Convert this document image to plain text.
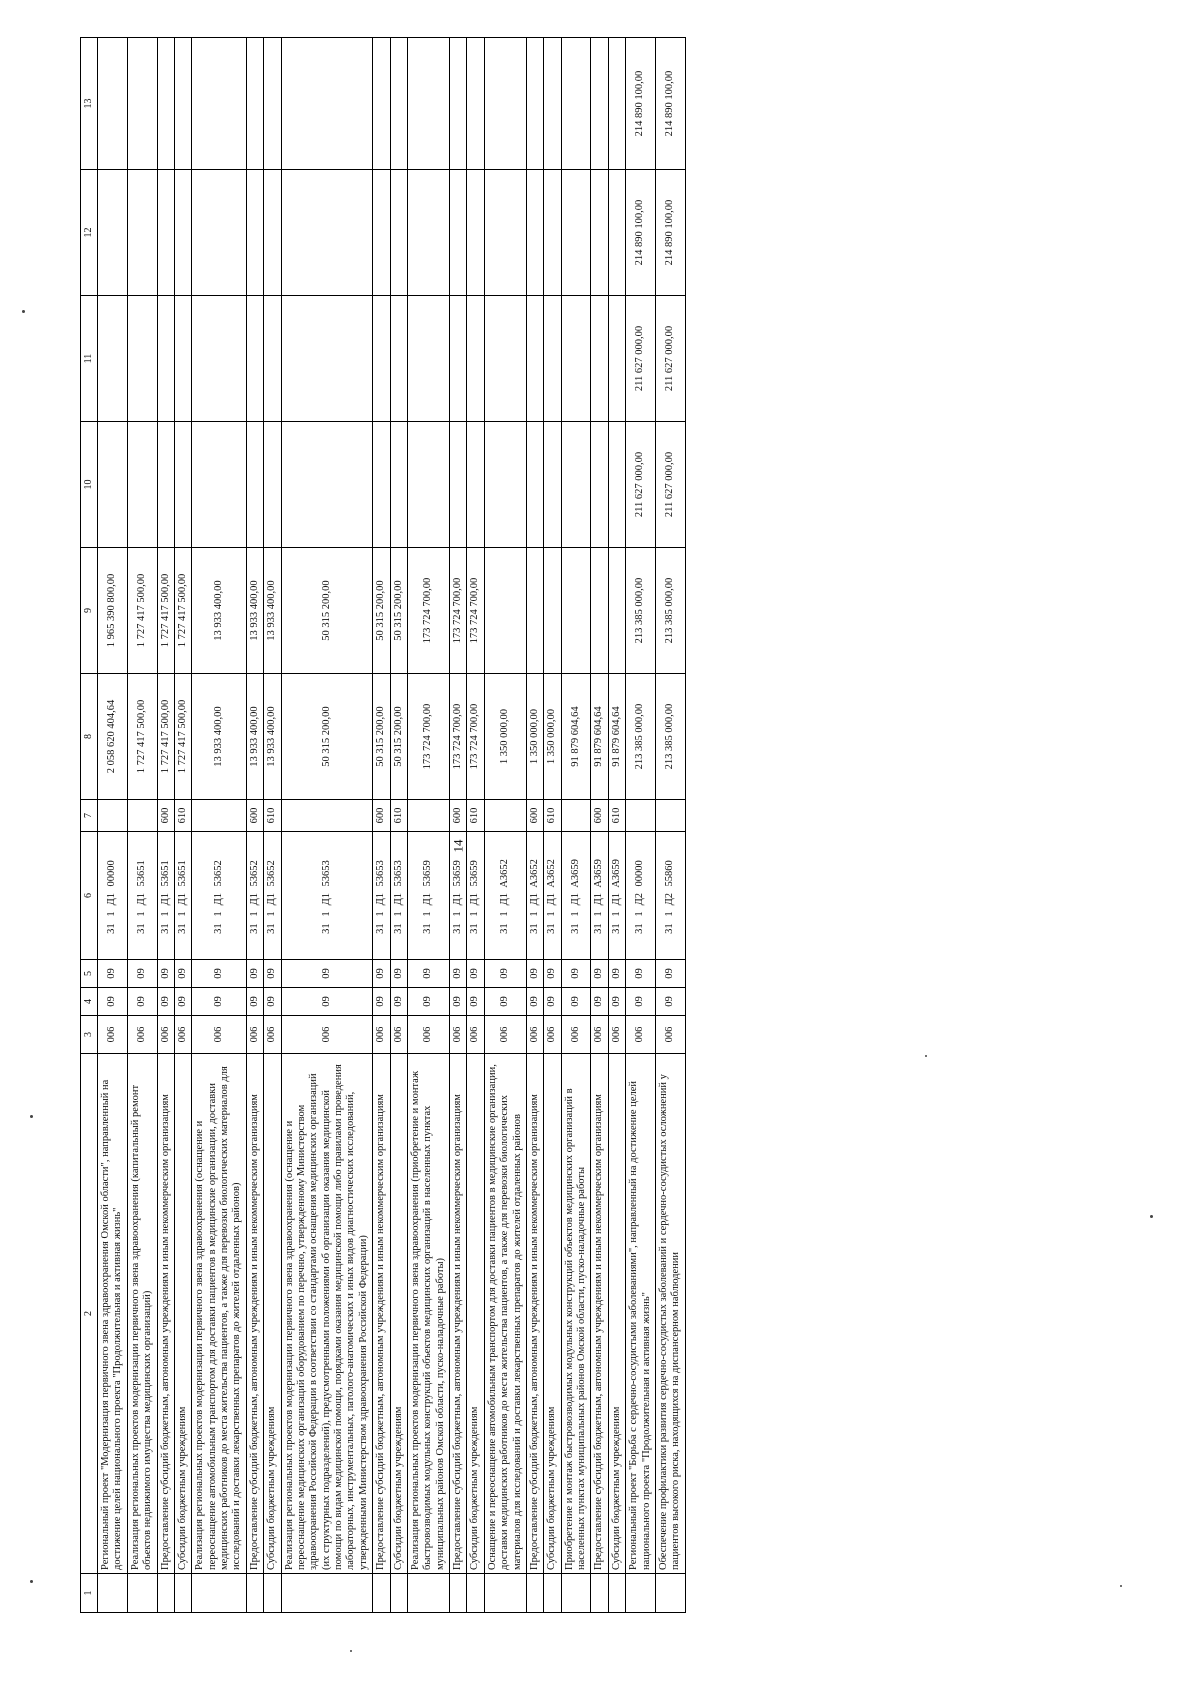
14
1	2	3	4	5	6	7	8	9	10	11	12	13
	Региональный проект "Модернизация первичного звена здравоохранения Омской области", направленный на достижение целей национального проекта "Продолжительная и активная жизнь"	006	09	09	31 1 Д1 00000		2 058 620 404,64	1 965 390 800,00				
	Реализация региональных проектов модернизации первичного звена здравоохранения (капитальный ремонт объектов недвижимого имущества медицинских организаций)	006	09	09	31 1 Д1 53651		1 727 417 500,00	1 727 417 500,00				
	Предоставление субсидий бюджетным, автономным учреждениям и иным некоммерческим организациям	006	09	09	31 1 Д1 53651	600	1 727 417 500,00	1 727 417 500,00				
	Субсидии бюджетным учреждениям	006	09	09	31 1 Д1 53651	610	1 727 417 500,00	1 727 417 500,00				
	Реализация региональных проектов модернизации первичного звена здравоохранения (оснащение и переоснащение автомобильным транспортом для доставки пациентов в медицинские организации, доставки медицинских работников до места жительства пациентов, а также для перевозки биологических материалов для исследований и доставки лекарственных препаратов до жителей отдаленных районов)	006	09	09	31 1 Д1 53652		13 933 400,00	13 933 400,00				
	Предоставление субсидий бюджетным, автономным учреждениям и иным некоммерческим организациям	006	09	09	31 1 Д1 53652	600	13 933 400,00	13 933 400,00				
	Субсидии бюджетным учреждениям	006	09	09	31 1 Д1 53652	610	13 933 400,00	13 933 400,00				
	Реализация региональных проектов модернизации первичного звена здравоохранения (оснащение и переоснащение медицинских организаций оборудованием по перечню, утвержденному Министерством здравоохранения Российской Федерации в соответствии со стандартами оснащения медицинских организаций (их структурных подразделений), предусмотренными положениями об организации оказания медицинской помощи по видам медицинской помощи, порядками оказания медицинской помощи либо правилами проведения лабораторных, инструментальных, патолого-анатомических и иных видов диагностических исследований, утвержденными Министерством здравоохранения Российской Федерации)	006	09	09	31 1 Д1 53653		50 315 200,00	50 315 200,00				
	Предоставление субсидий бюджетным, автономным учреждениям и иным некоммерческим организациям	006	09	09	31 1 Д1 53653	600	50 315 200,00	50 315 200,00				
	Субсидии бюджетным учреждениям	006	09	09	31 1 Д1 53653	610	50 315 200,00	50 315 200,00				
	Реализация региональных проектов модернизации первичного звена здравоохранения (приобретение и монтаж быстровозводимых модульных конструкций объектов медицинских организаций в населенных пунктах муниципальных районов Омской области, пуско-наладочные работы)	006	09	09	31 1 Д1 53659		173 724 700,00	173 724 700,00				
	Предоставление субсидий бюджетным, автономным учреждениям и иным некоммерческим организациям	006	09	09	31 1 Д1 53659	600	173 724 700,00	173 724 700,00				
	Субсидии бюджетным учреждениям	006	09	09	31 1 Д1 53659	610	173 724 700,00	173 724 700,00				
	Оснащение и переоснащение автомобильным транспортом для доставки пациентов в медицинские организации, доставки медицинских работников до места жительства пациентов, а также для перевозки биологических материалов для исследований и доставки лекарственных препаратов до жителей отдаленных районов	006	09	09	31 1 Д1 А3652		1 350 000,00					
	Предоставление субсидий бюджетным, автономным учреждениям и иным некоммерческим организациям	006	09	09	31 1 Д1 А3652	600	1 350 000,00					
	Субсидии бюджетным учреждениям	006	09	09	31 1 Д1 А3652	610	1 350 000,00					
	Приобретение и монтаж быстровозводимых модульных конструкций объектов медицинских организаций в населенных пунктах муниципальных районов Омской области, пуско-наладочные работы	006	09	09	31 1 Д1 А3659		91 879 604,64					
	Предоставление субсидий бюджетным, автономным учреждениям и иным некоммерческим организациям	006	09	09	31 1 Д1 А3659	600	91 879 604,64					
	Субсидии бюджетным учреждениям	006	09	09	31 1 Д1 А3659	610	91 879 604,64					
	Региональный проект "Борьба с сердечно-сосудистыми заболеваниями", направленный на достижение целей национального проекта "Продолжительная и активная жизнь"	006	09	09	31 1 Д2 00000		213 385 000,00	213 385 000,00	211 627 000,00	211 627 000,00	214 890 100,00	214 890 100,00
	Обеспечение профилактики развития сердечно-сосудистых заболеваний и сердечно-сосудистых осложнений у пациентов высокого риска, находящихся на диспансерном наблюдении	006	09	09	31 1 Д2 55860		213 385 000,00	213 385 000,00	211 627 000,00	211 627 000,00	214 890 100,00	214 890 100,00
